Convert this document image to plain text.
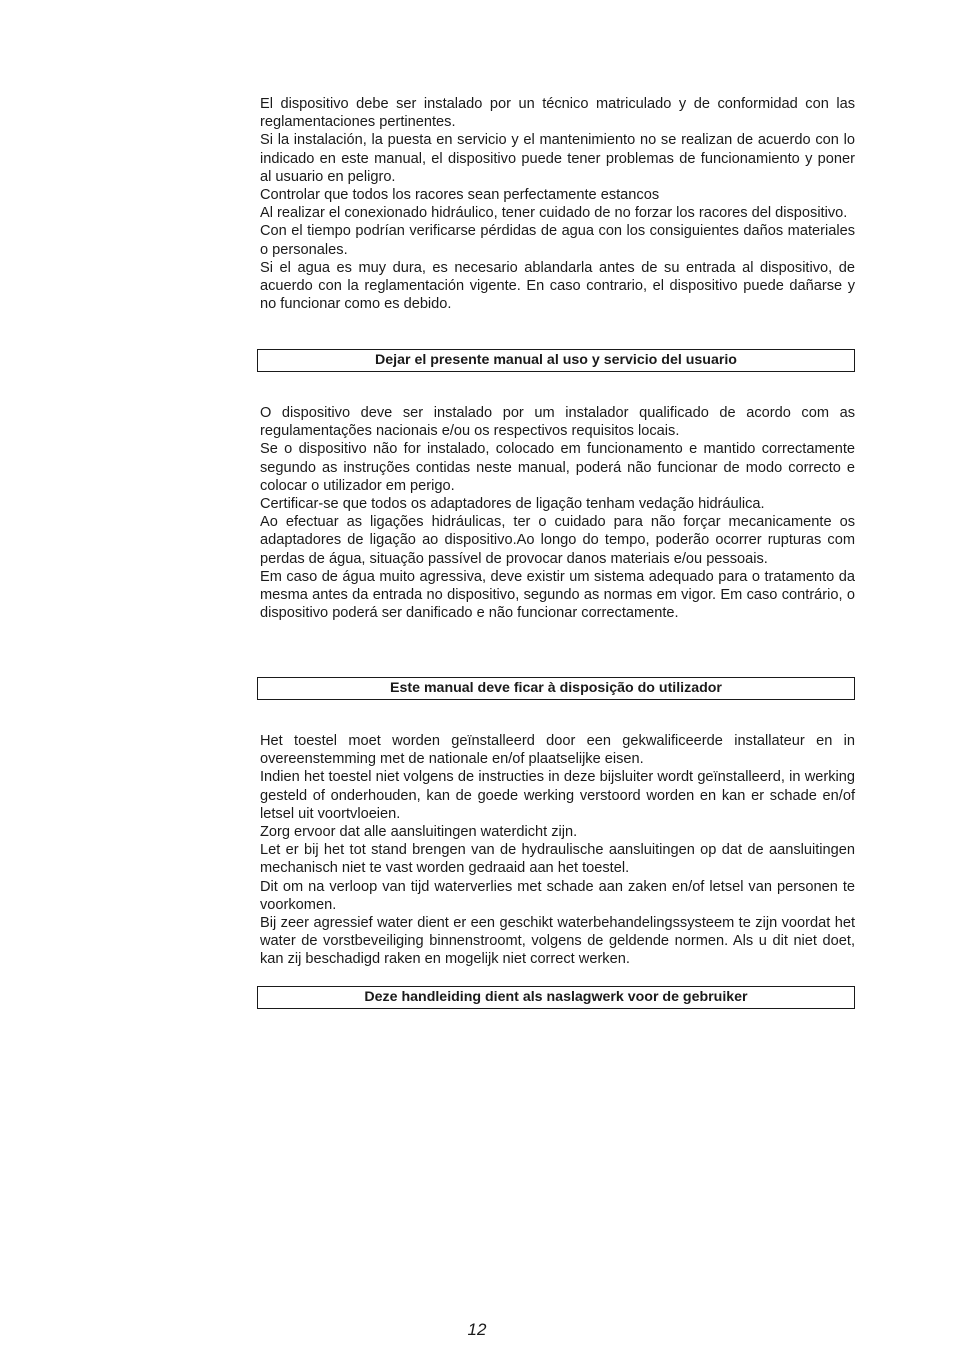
El dispositivo debe ser instalado por un técnico matriculado y de conformidad con las reglamentaciones pertinentes.

Si la instalación, la puesta en servicio y el mantenimiento no se realizan de acuerdo con lo indicado en este manual, el dispositivo puede tener problemas de funcionamiento y poner al usuario en peligro.

Controlar que todos los racores sean perfectamente estancos

Al realizar el conexionado hidráulico, tener cuidado de no forzar los racores del dispositivo.

Con el tiempo podrían verificarse pérdidas de agua con los consiguientes daños materiales o personales.

Si el agua es muy dura, es necesario ablandarla antes de su entrada al dispositivo, de acuerdo con la reglamentación vigente. En caso contrario, el dispositivo puede dañarse y no funcionar como es debido.

Dejar el presente manual al uso y servicio del usuario

O dispositivo deve ser instalado por um instalador qualificado de acordo com as regulamentações nacionais e/ou os respectivos requisitos locais.

Se o dispositivo não for instalado, colocado em funcionamento e mantido correctamente segundo as instruções contidas neste manual, poderá não funcionar de modo correcto e colocar o utilizador em perigo.

Certificar-se que todos os adaptadores de ligação tenham vedação hidráulica.

Ao efectuar as ligações hidráulicas, ter o cuidado para não forçar mecanicamente os adaptadores de ligação ao dispositivo.Ao longo do tempo, poderão ocorrer rupturas com perdas de água, situação passível de provocar danos materiais e/ou pessoais.

Em caso de água muito agressiva, deve existir um sistema adequado para o tratamento da mesma antes da entrada no dispositivo, segundo as normas em vigor. Em caso contrário, o dispositivo poderá ser danificado e não funcionar correctamente.

Este manual deve ficar à disposição do utilizador

Het toestel moet worden geïnstalleerd door een gekwalificeerde installateur en in overeenstemming met de nationale en/of plaatselijke eisen.

Indien het toestel niet volgens de instructies in deze bijsluiter wordt geïnstalleerd, in werking gesteld of onderhouden, kan de goede werking verstoord worden en kan er schade en/of letsel uit voortvloeien.

Zorg ervoor dat alle aansluitingen waterdicht zijn.

Let er bij het tot stand brengen van de hydraulische aansluitingen op dat de aansluitingen mechanisch niet te vast worden gedraaid aan het toestel.

Dit om na verloop van tijd waterverlies met schade aan zaken en/of letsel van personen te voorkomen.

Bij zeer agressief water dient er een geschikt waterbehandelingssysteem te zijn voordat het water de vorstbeveiliging binnenstroomt, volgens de geldende normen. Als u dit niet doet, kan zij beschadigd raken en mogelijk niet correct werken.

Deze handleiding dient als naslagwerk voor de gebruiker
12
